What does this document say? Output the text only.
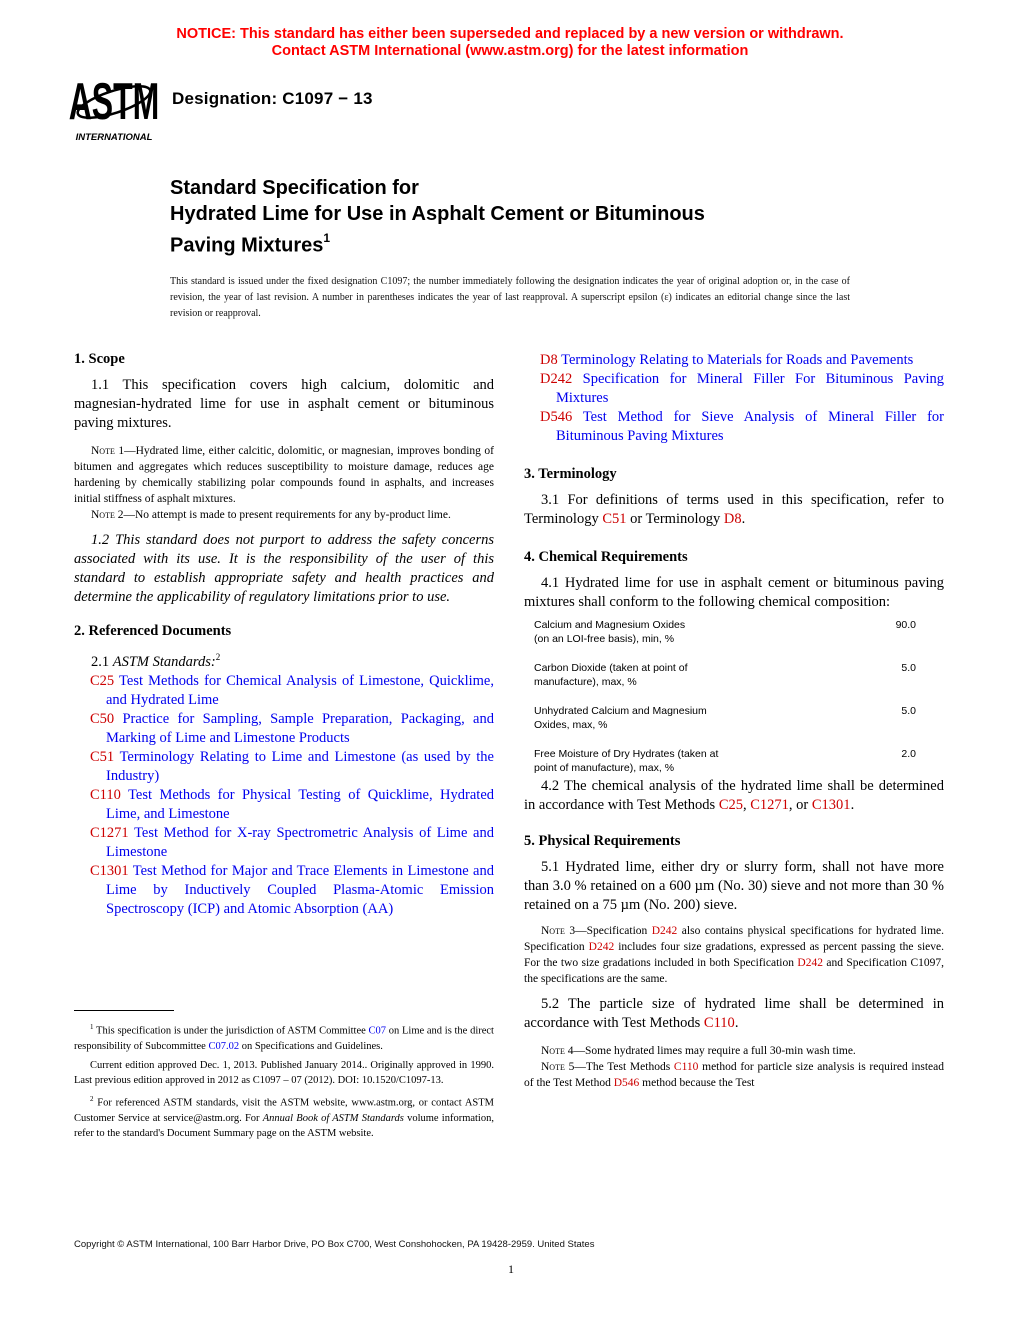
NOTICE: This standard has either been superseded and replaced by a new version or withdrawn.
Contact ASTM International (www.astm.org) for the latest information
ASTM
INTERNATIONAL
Designation: C1097 − 13
Standard Specification for
Hydrated Lime for Use in Asphalt Cement or Bituminous
Paving Mixtures$^1$
This standard is issued under the fixed designation C1097; the number immediately following the designation indicates the year of original adoption or, in the case of revision, the year of last revision. A number in parentheses indicates the year of last reapproval. A superscript epsilon (ε) indicates an editorial change since the last revision or reapproval.
1. Scope
1.1 This specification covers high calcium, dolomitic and magnesian-hydrated lime for use in asphalt cement or bituminous paving mixtures.
Note 1—Hydrated lime, either calcitic, dolomitic, or magnesian, improves bonding of bitumen and aggregates which reduces susceptibility to moisture damage, reduces age hardening by chemically stabilizing polar compounds found in asphalts, and increases initial stiffness of asphalt mixtures.
Note 2—No attempt is made to present requirements for any by-product lime.
1.2 This standard does not purport to address the safety concerns associated with its use. It is the responsibility of the user of this standard to establish appropriate safety and health practices and determine the applicability of regulatory limitations prior to use.
2. Referenced Documents
2.1 ASTM Standards:$^2$
C25 Test Methods for Chemical Analysis of Limestone, Quicklime, and Hydrated Lime
C50 Practice for Sampling, Sample Preparation, Packaging, and Marking of Lime and Limestone Products
C51 Terminology Relating to Lime and Limestone (as used by the Industry)
C110 Test Methods for Physical Testing of Quicklime, Hydrated Lime, and Limestone
C1271 Test Method for X-ray Spectrometric Analysis of Lime and Limestone
C1301 Test Method for Major and Trace Elements in Limestone and Lime by Inductively Coupled Plasma-Atomic Emission Spectroscopy (ICP) and Atomic Absorption (AA)

$^1$ This specification is under the jurisdiction of ASTM Committee C07 on Lime and is the direct responsibility of Subcommittee C07.02 on Specifications and Guidelines.

Current edition approved Dec. 1, 2013. Published January 2014.. Originally approved in 1990. Last previous edition approved in 2012 as C1097 – 07 (2012). DOI: 10.1520/C1097-13.

$^2$ For referenced ASTM standards, visit the ASTM website, www.astm.org, or contact ASTM Customer Service at service@astm.org. For Annual Book of ASTM Standards volume information, refer to the standard's Document Summary page on the ASTM website.

D8 Terminology Relating to Materials for Roads and Pavements
D242 Specification for Mineral Filler For Bituminous Paving Mixtures
D546 Test Method for Sieve Analysis of Mineral Filler for Bituminous Paving Mixtures
3. Terminology
3.1 For definitions of terms used in this specification, refer to Terminology C51 or Terminology D8.
4. Chemical Requirements
4.1 Hydrated lime for use in asphalt cement or bituminous paving mixtures shall conform to the following chemical composition:
Calcium and Magnesium Oxides
(on an LOI-free basis), min, %
90.0
Carbon Dioxide (taken at point of
manufacture), max, %
5.0
Unhydrated Calcium and Magnesium
Oxides, max, %
5.0
Free Moisture of Dry Hydrates (taken at
point of manufacture), max, %
2.0
4.2 The chemical analysis of the hydrated lime shall be determined in accordance with Test Methods C25, C1271, or C1301.
5. Physical Requirements
5.1 Hydrated lime, either dry or slurry form, shall not have more than 3.0 % retained on a 600 µm (No. 30) sieve and not more than 30 % retained on a 75 µm (No. 200) sieve.
Note 3—Specification D242 also contains physical specifications for hydrated lime. Specification D242 includes four size gradations, expressed as percent passing the sieve. For the two size gradations included in both Specification D242 and Specification C1097, the specifications are the same.
5.2 The particle size of hydrated lime shall be determined in accordance with Test Methods C110.
Note 4—Some hydrated limes may require a full 30-min wash time.
Note 5—The Test Methods C110 method for particle size analysis is required instead of the Test Method D546 method because the Test
Copyright © ASTM International, 100 Barr Harbor Drive, PO Box C700, West Conshohocken, PA 19428-2959. United States
1
